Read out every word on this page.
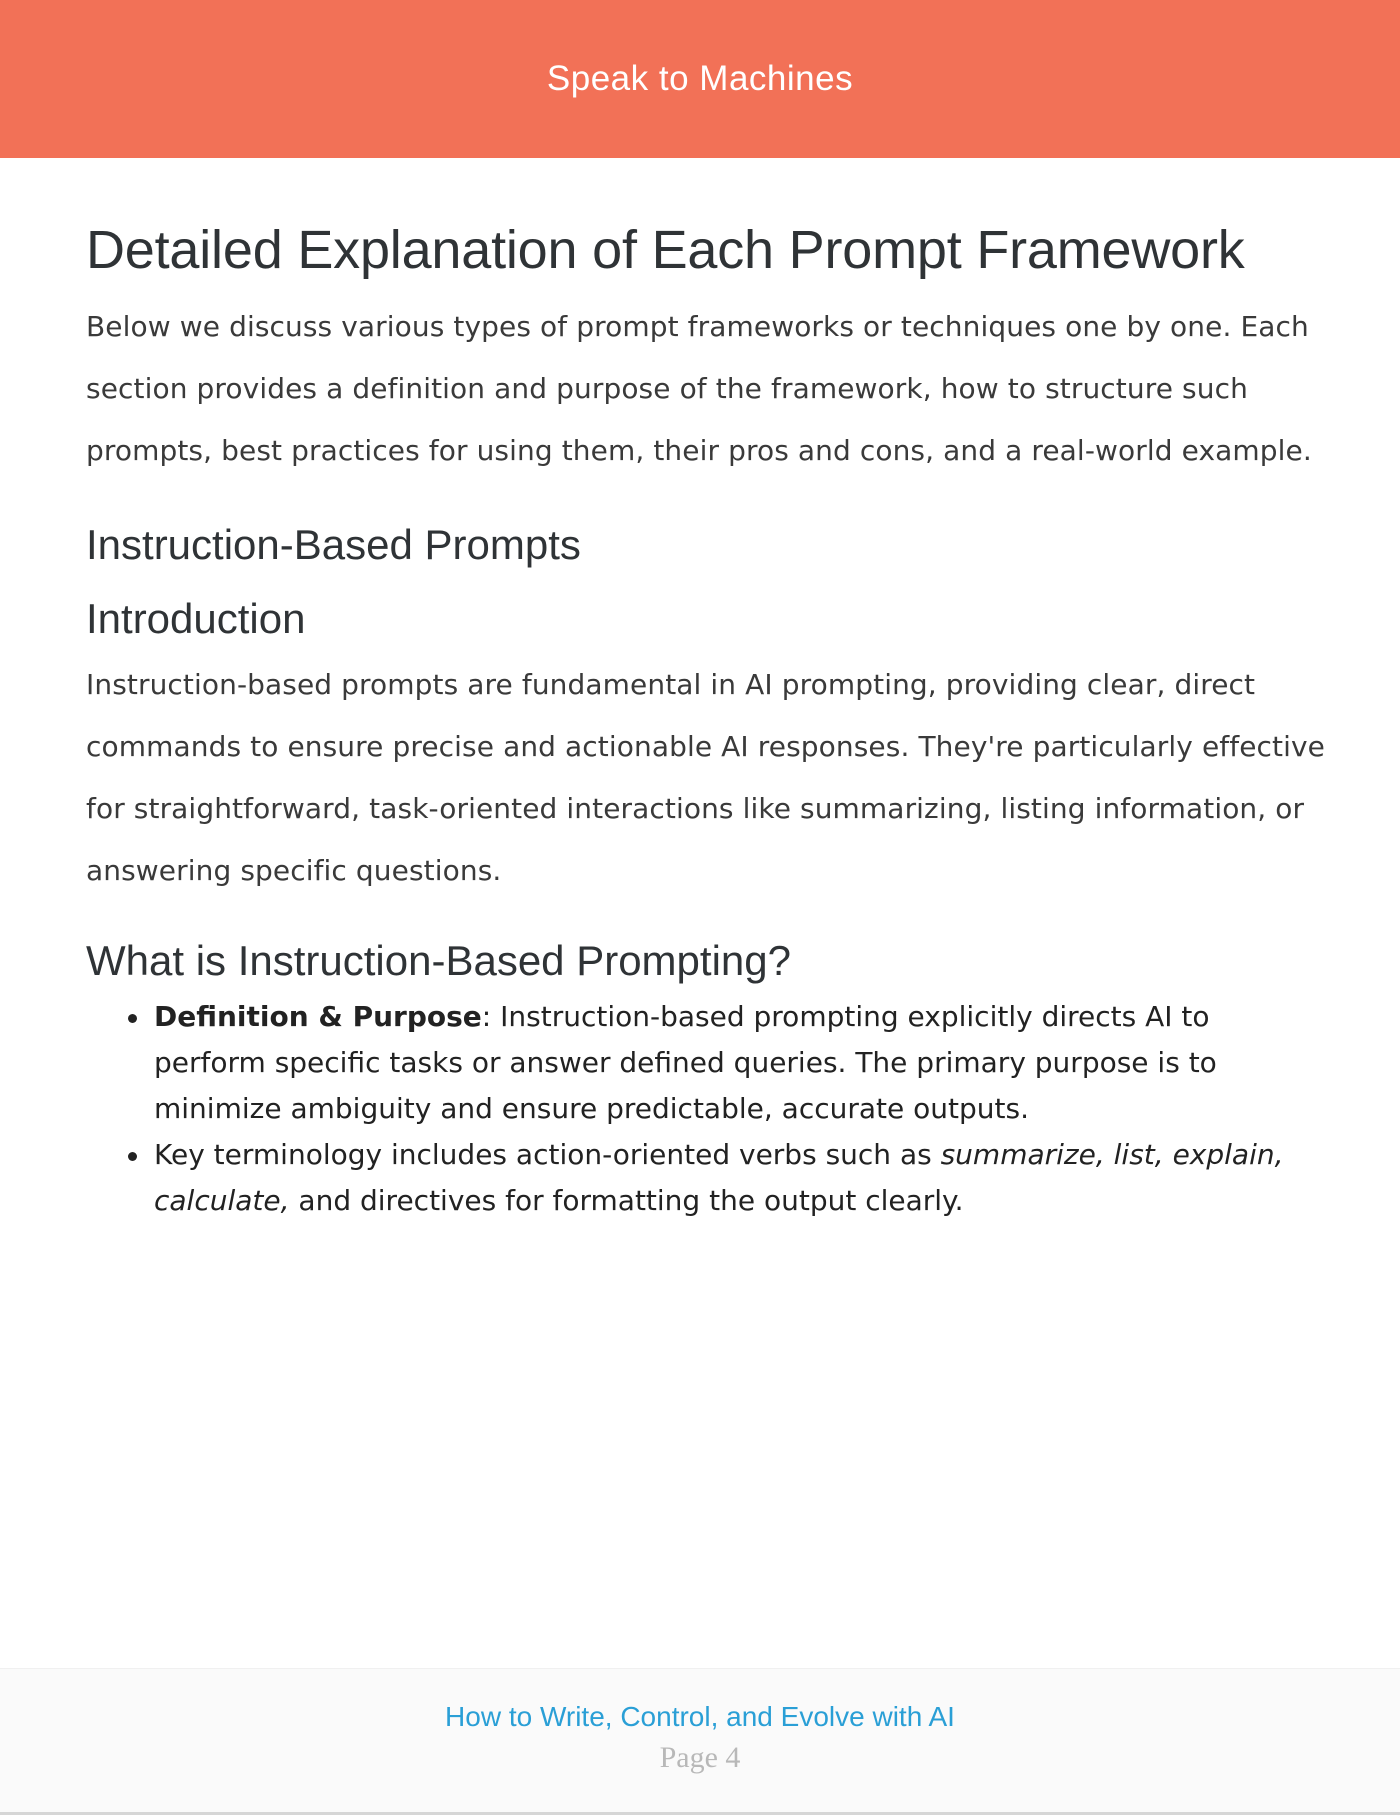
Speak to Machines
Detailed Explanation of Each Prompt Framework

Below we discuss various types of prompt frameworks or techniques one by one. Each section provides a definition and purpose of the framework, how to structure such prompts, best practices for using them, their pros and cons, and a real-world example.

Instruction-Based Prompts
Introduction

Instruction-based prompts are fundamental in AI prompting, providing clear, direct commands to ensure precise and actionable AI responses. They're particularly effective for straightforward, task-oriented interactions like summarizing, listing information, or answering specific questions.

What is Instruction-Based Prompting?
Definition & Purpose: Instruction-based prompting explicitly directs AI to perform specific tasks or answer defined queries. The primary purpose is to minimize ambiguity and ensure predictable, accurate outputs.
Key terminology includes action-oriented verbs such as summarize, list, explain, calculate, and directives for formatting the output clearly.
How to Write, Control, and Evolve with AI
Page 4
